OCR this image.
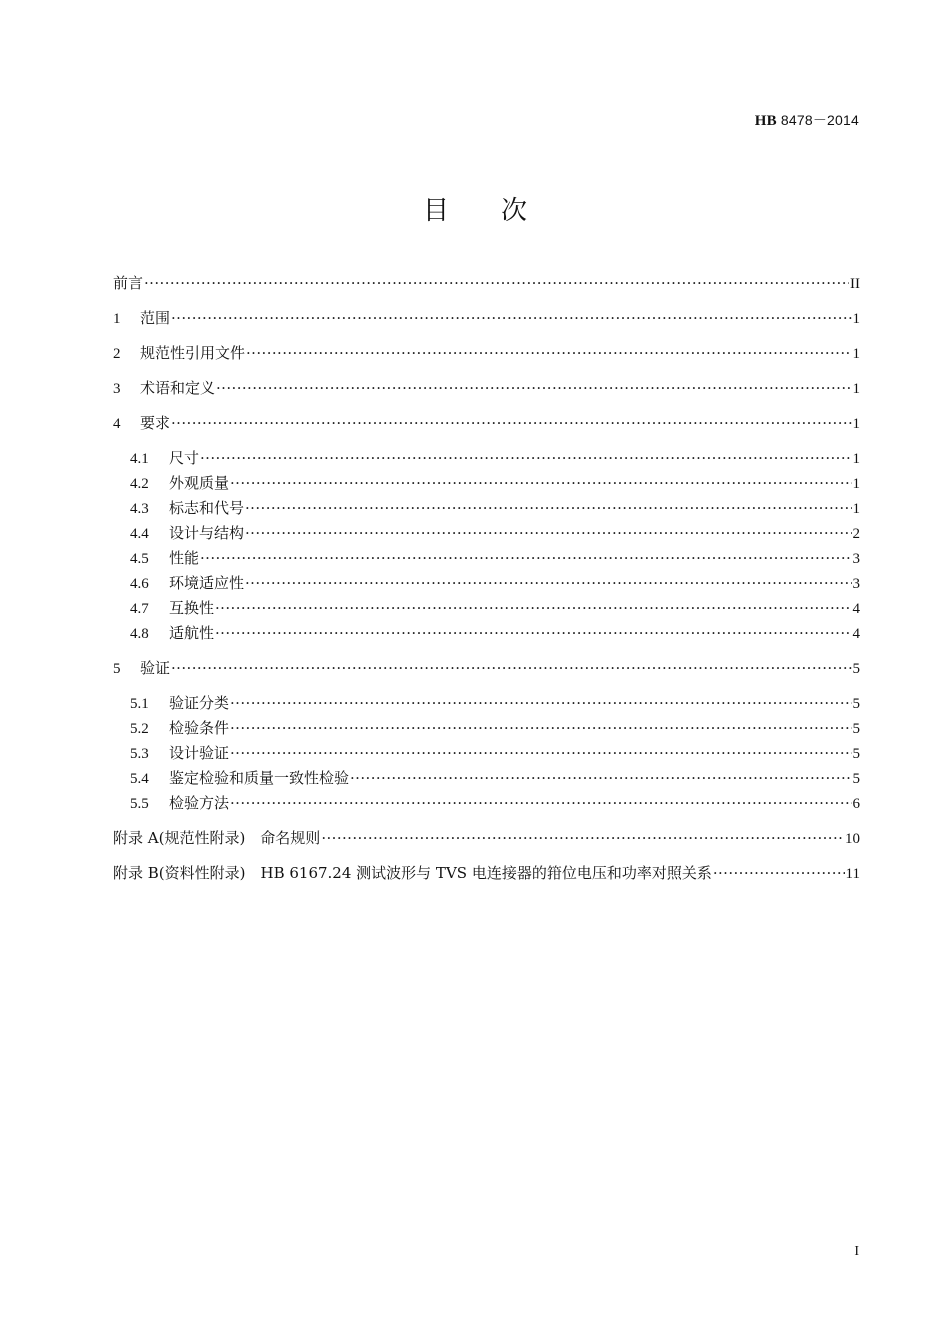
HB 8478－2014
目次
前言 ·····	II
1	范围 ·····	1
2	规范性引用文件 ·····	1
3	术语和定义 ·····	1
4	要求 ·····	1
4.1	尺寸 ·····	1
4.2	外观质量 ·····	1
4.3	标志和代号 ·····	1
4.4	设计与结构 ·····	2
4.5	性能 ·····	3
4.6	环境适应性 ·····	3
4.7	互换性 ·····	4
4.8	适航性 ·····	4
5	验证 ·····	5
5.1	验证分类 ·····	5
5.2	检验条件 ·····	5
5.3	设计验证 ·····	5
5.4	鉴定检验和质量一致性检验 ·····	5
5.5	检验方法 ·····	6
附录 A(规范性附录)　命名规则 ·····	10
附录 B(资料性附录)　HB 6167.24 测试波形与 TVS 电连接器的箝位电压和功率对照关系 ·····	11
I
